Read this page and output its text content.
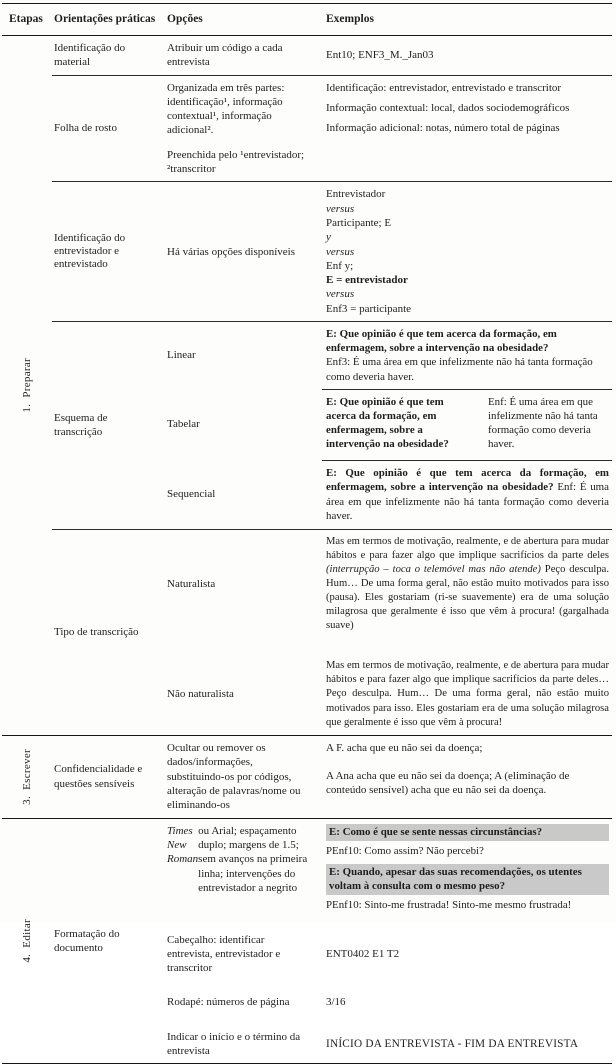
Etapas Orientações práticas	Opções	Exemplos
1.  Preparar
Identificação do material
Atribuir um código a cada entrevista
Ent10; ENF3_M._Jan03
Folha de rosto
Organizada em três partes: identificação¹, informação contextual¹, informação adicional².
Preenchida pelo ¹entrevistador; ²transcritor
Identificação: entrevistador, entrevistado e transcritor
Informação contextual: local, dados sociodemográficos
Informação adicional: notas, número total de páginas
Identificação do entrevistador e entrevistado
Há várias opções disponíveis
Entrevistador
versus
Participante; E
y
versus
Enf y;
E = entrevistador
versus
Enf3 = participante
Esquema de transcrição
Linear
E: Que opinião é que tem acerca da formação, em enfermagem, sobre a intervenção na obesidade?
Enf3: É uma área em que infelizmente não há tanta formação como deveria haver.
Tabelar
E: Que opinião é que tem acerca da formação, em enfermagem, sobre a intervenção na obesidade?
Enf: É uma área em que infelizmente não há tanta formação como deveria haver.
Sequencial
E: Que opinião é que tem acerca da formação, em enfermagem, sobre a intervenção na obesidade? Enf: É uma área em que infelizmente não há tanta formação como deveria haver.
Tipo de transcrição
Naturalista
Mas em termos de motivação, realmente, e de abertura para mudar hábitos e para fazer algo que implique sacrifícios da parte deles (interrupção – toca o telemóvel mas não atende) Peço desculpa. Hum… De uma forma geral, não estão muito motivados para isso (pausa). Eles gostariam (ri-se suavemente) era de uma solução milagrosa que geralmente é isso que vêm à procura! (gargalhada suave)
Não naturalista
Mas em termos de motivação, realmente, e de abertura para mudar hábitos e para fazer algo que implique sacrifícios da parte deles… Peço desculpa. Hum… De uma forma geral, não estão muito motivados para isso. Eles gostariam era de uma solução milagrosa que geralmente é isso que vêm à procura!
3.  Escrever Confidencialidade e questões sensíveis
Ocultar ou remover os dados/informações, substituindo-os por códigos, alteração de palavras/nome ou eliminando-os
A F. acha que eu não sei da doença;
A Ana acha que eu não sei da doença; A (eliminação de conteúdo sensível) acha que eu não sei da doença.
4.  Editar Formatação do documento
Times New Roman
ou Arial; espaçamento duplo; margens de 1.5; sem avanços na primeira linha; intervenções do entrevistador a negrito
E: Como é que se sente nessas circunstâncias?
PEnf10: Como assim? Não percebi?
E: Quando, apesar das suas recomendações, os utentes voltam à consulta com o mesmo peso?
PEnf10: Sinto-me frustrada! Sinto-me mesmo frustrada!
Cabeçalho: identificar entrevista, entrevistador e transcritor
ENT0402 E1 T2
Rodapé: números de página	3/16
Indicar o início e o término da entrevista
INÍCIO DA ENTREVISTA - FIM DA ENTREVISTA
